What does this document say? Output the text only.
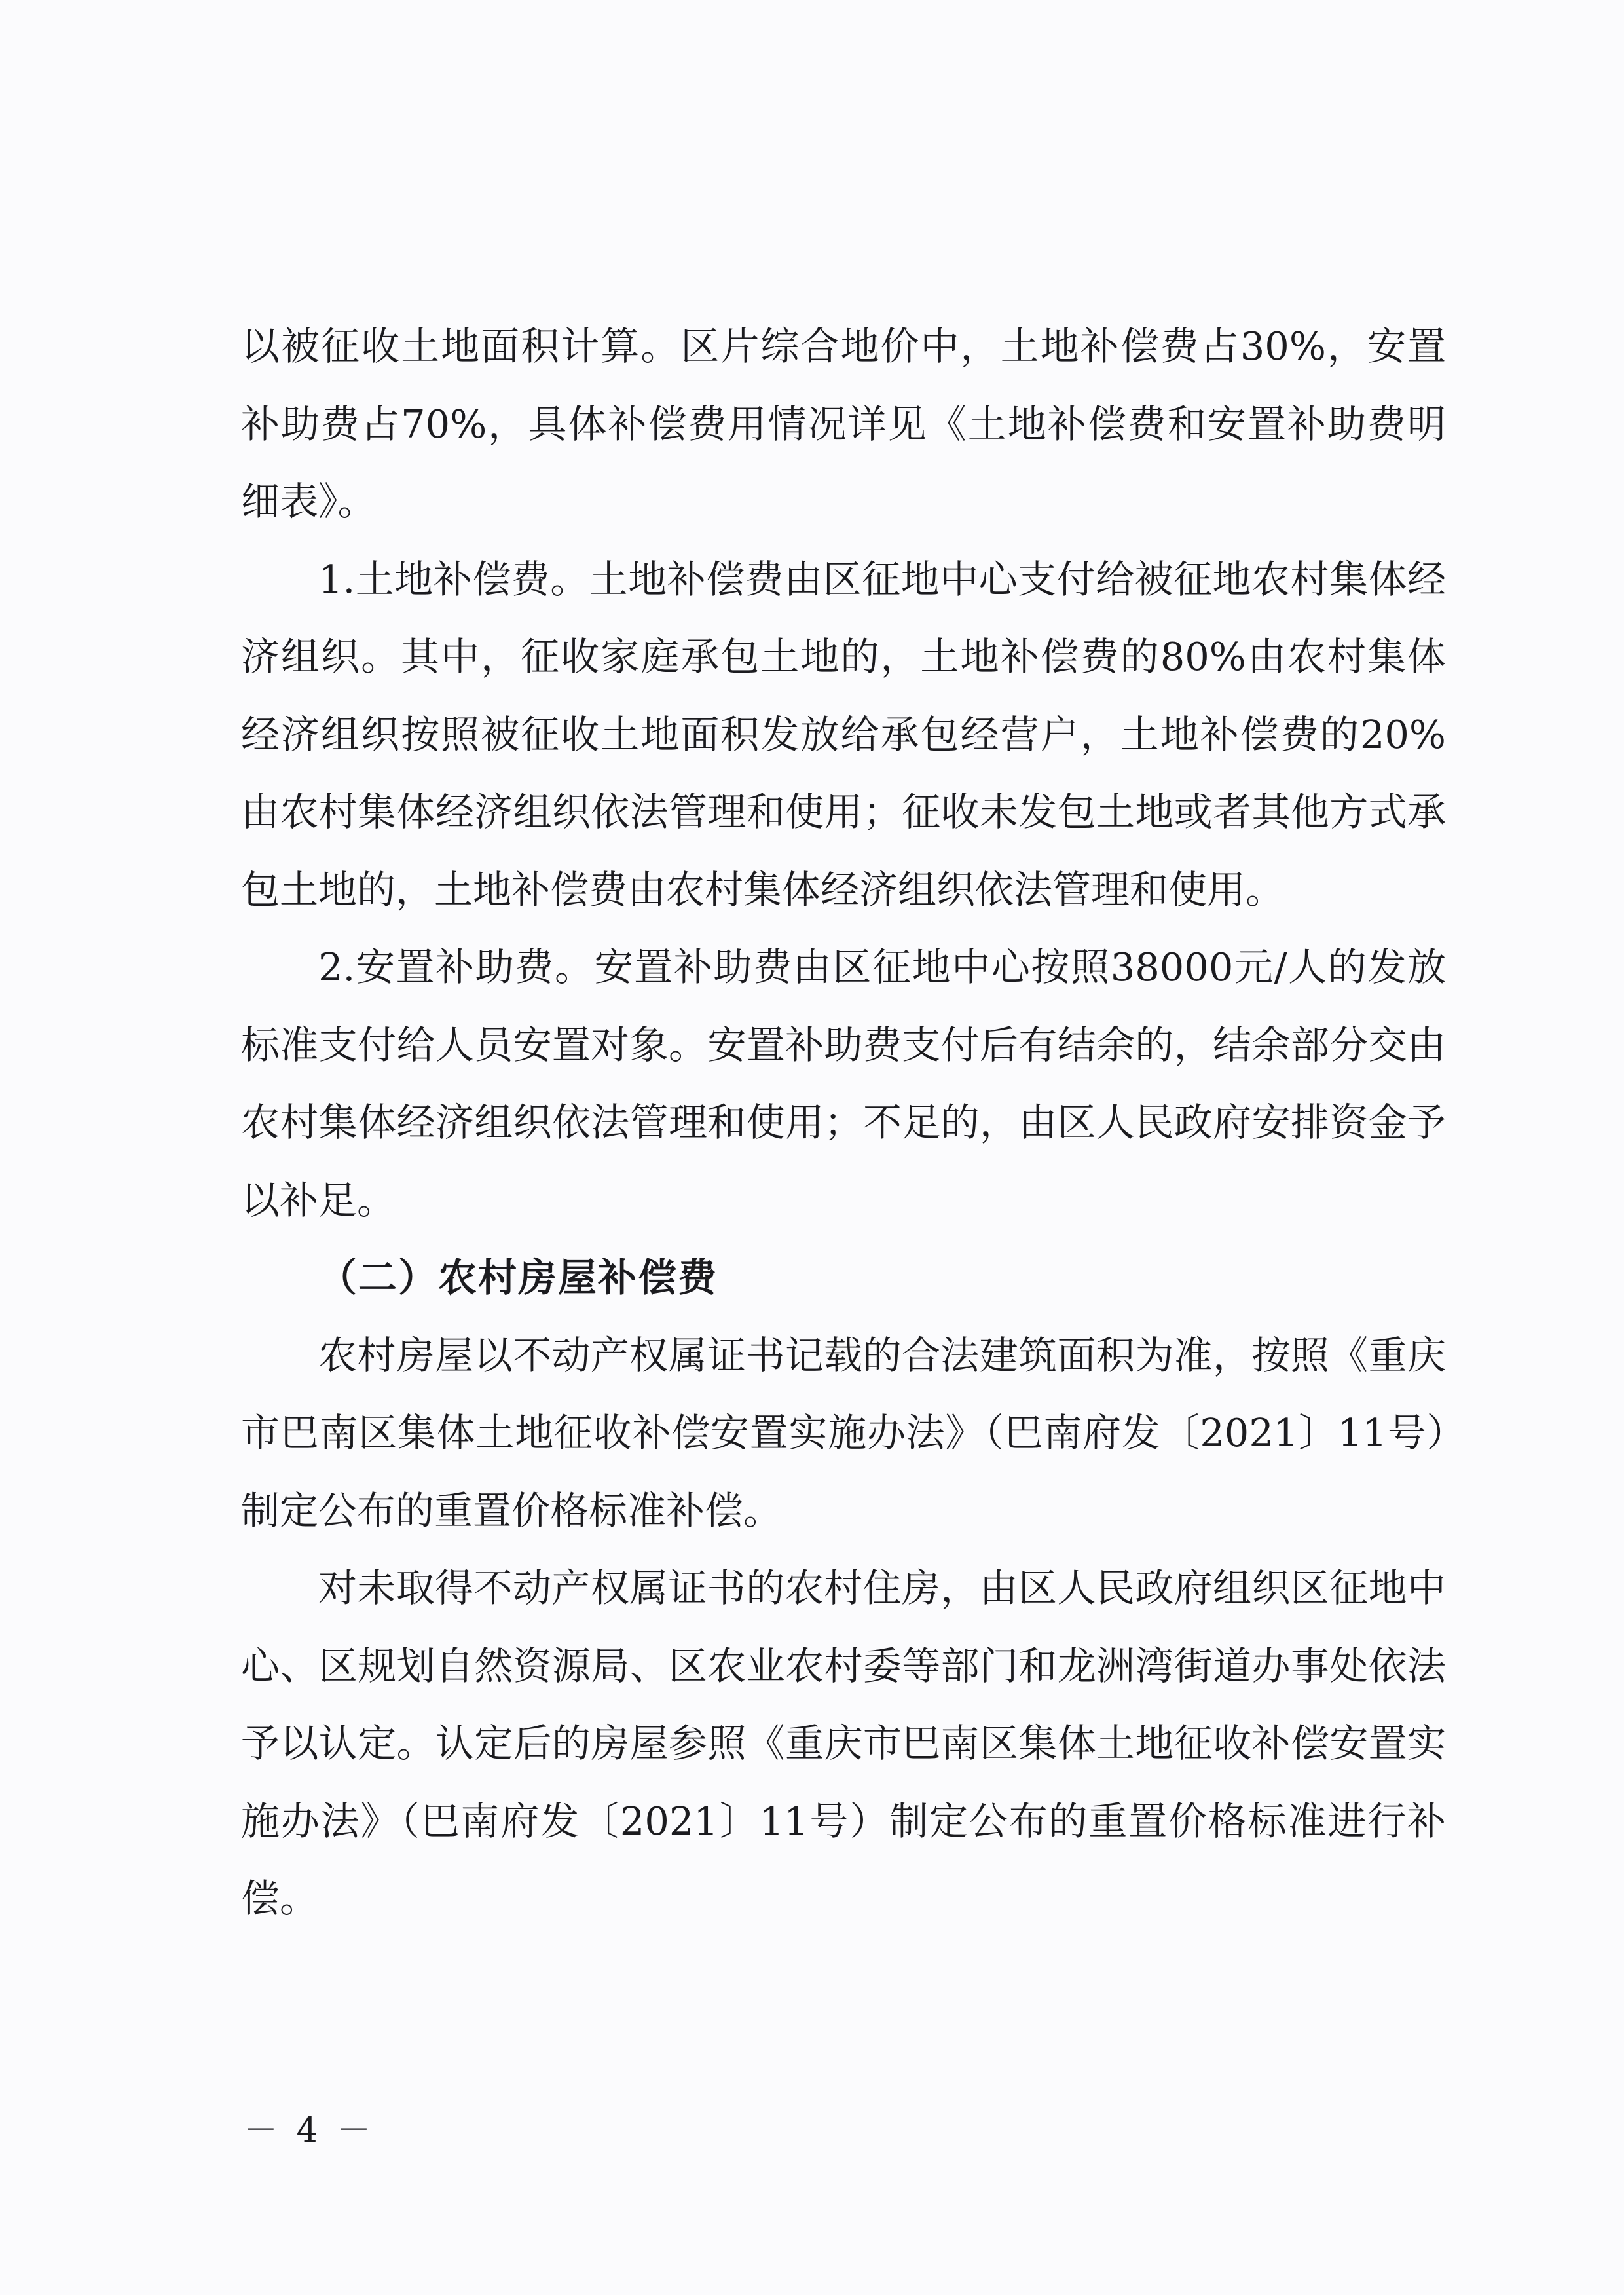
以被征收土地面积计算。区片综合地价中，土地补偿费占30%，安置补助费占70%，具体补偿费用情况详见《土地补偿费和安置补助费明细表》。

1.土地补偿费。土地补偿费由区征地中心支付给被征地农村集体经济组织。其中，征收家庭承包土地的，土地补偿费的80%由农村集体经济组织按照被征收土地面积发放给承包经营户，土地补偿费的20%由农村集体经济组织依法管理和使用；征收未发包土地或者其他方式承包土地的，土地补偿费由农村集体经济组织依法管理和使用。

2.安置补助费。安置补助费由区征地中心按照38000元/人的发放标准支付给人员安置对象。安置补助费支付后有结余的，结余部分交由农村集体经济组织依法管理和使用；不足的，由区人民政府安排资金予以补足。

（二）农村房屋补偿费

农村房屋以不动产权属证书记载的合法建筑面积为准，按照《重庆市巴南区集体土地征收补偿安置实施办法》（巴南府发〔2021〕11号）制定公布的重置价格标准补偿。

对未取得不动产权属证书的农村住房，由区人民政府组织区征地中心、区规划自然资源局、区农业农村委等部门和龙洲湾街道办事处依法予以认定。认定后的房屋参照《重庆市巴南区集体土地征收补偿安置实施办法》（巴南府发〔2021〕11号）制定公布的重置价格标准进行补偿。

－ 4 －
